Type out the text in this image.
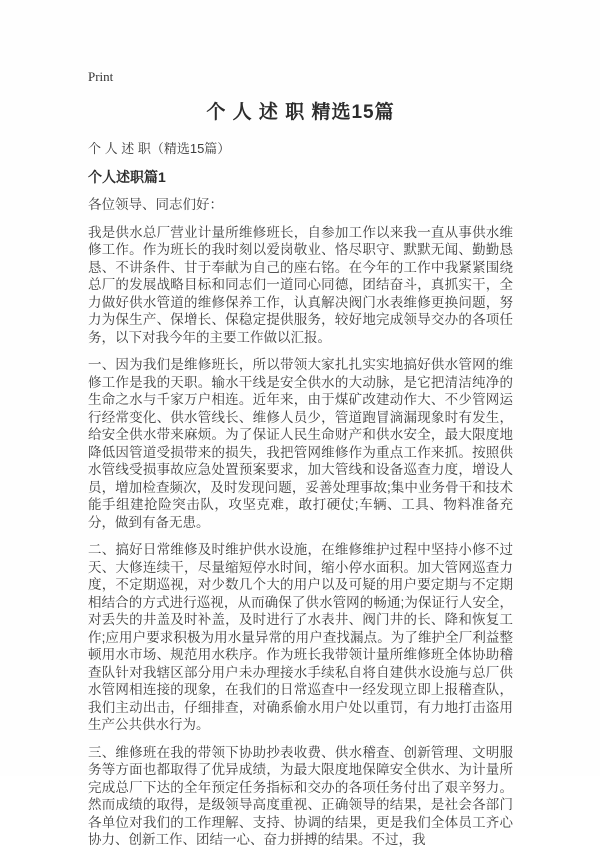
Print
个 人 述 职 精选15篇
个 人 述 职（精选15篇）
个人述职篇1

各位领导、同志们好：

我是供水总厂营业计量所维修班长，自参加工作以来我一直从事供水维修工作。作为班长的我时刻以爱岗敬业、恪尽职守、默默无闻、勤勤恳恳、不讲条件、甘于奉献为自己的座右铭。在今年的工作中我紧紧围绕总厂的发展战略目标和同志们一道同心同德，团结奋斗，真抓实干，全力做好供水管道的维修保养工作，认真解决阀门水表维修更换问题，努力为保生产、保增长、保稳定提供服务，较好地完成领导交办的各项任务，以下对我今年的主要工作做以汇报。

一、因为我们是维修班长，所以带领大家扎扎实实地搞好供水管网的维修工作是我的天职。输水干线是安全供水的大动脉，是它把清洁纯净的生命之水与千家万户相连。近年来，由于煤矿改建动作大、不少管网运行经常变化、供水管线长、维修人员少，管道跑冒滴漏现象时有发生，给安全供水带来麻烦。为了保证人民生命财产和供水安全，最大限度地降低因管道受损带来的损失，我把管网维修作为重点工作来抓。按照供水管线受损事故应急处置预案要求，加大管线和设备巡查力度，增设人员，增加检查频次，及时发现问题，妥善处理事故;集中业务骨干和技术能手组建抢险突击队，攻坚克难，敢打硬仗;车辆、工具、物料准备充分，做到有备无患。

二、搞好日常维修及时维护供水设施，在维修维护过程中坚持小修不过天、大修连续干，尽量缩短停水时间，缩小停水面积。加大管网巡查力度，不定期巡视，对少数几个大的用户以及可疑的用户要定期与不定期相结合的方式进行巡视，从而确保了供水管网的畅通;为保证行人安全， 对丢失的井盖及时补盖，及时进行了水表井、阀门井的长、降和恢复工作;应用户要求积极为用水量异常的用户查找漏点。为了维护全厂利益整顿用水市场、规范用水秩序。作为班长我带领计量所维修班全体协助稽查队针对我辖区部分用户未办理接水手续私自将自建供水设施与总厂供水管网相连接的现象，在我们的日常巡查中一经发现立即上报稽查队，我们主动出击，仔细排查，对确系偷水用户处以重罚，有力地打击盗用生产公共供水行为。

三、维修班在我的带领下协助抄表收费、供水稽查、创新管理、文明服务等方面也都取得了优异成绩，为最大限度地保障安全供水、为计量所完成总厂下达的全年预定任务指标和交办的各项任务付出了艰辛努力。然而成绩的取得，是级领导高度重视、正确领导的结果，是社会各部门各单位对我们的工作理解、支持、协调的结果，更是我们全体员工齐心协力、创新工作、团结一心、奋力拼搏的结果。不过，我
